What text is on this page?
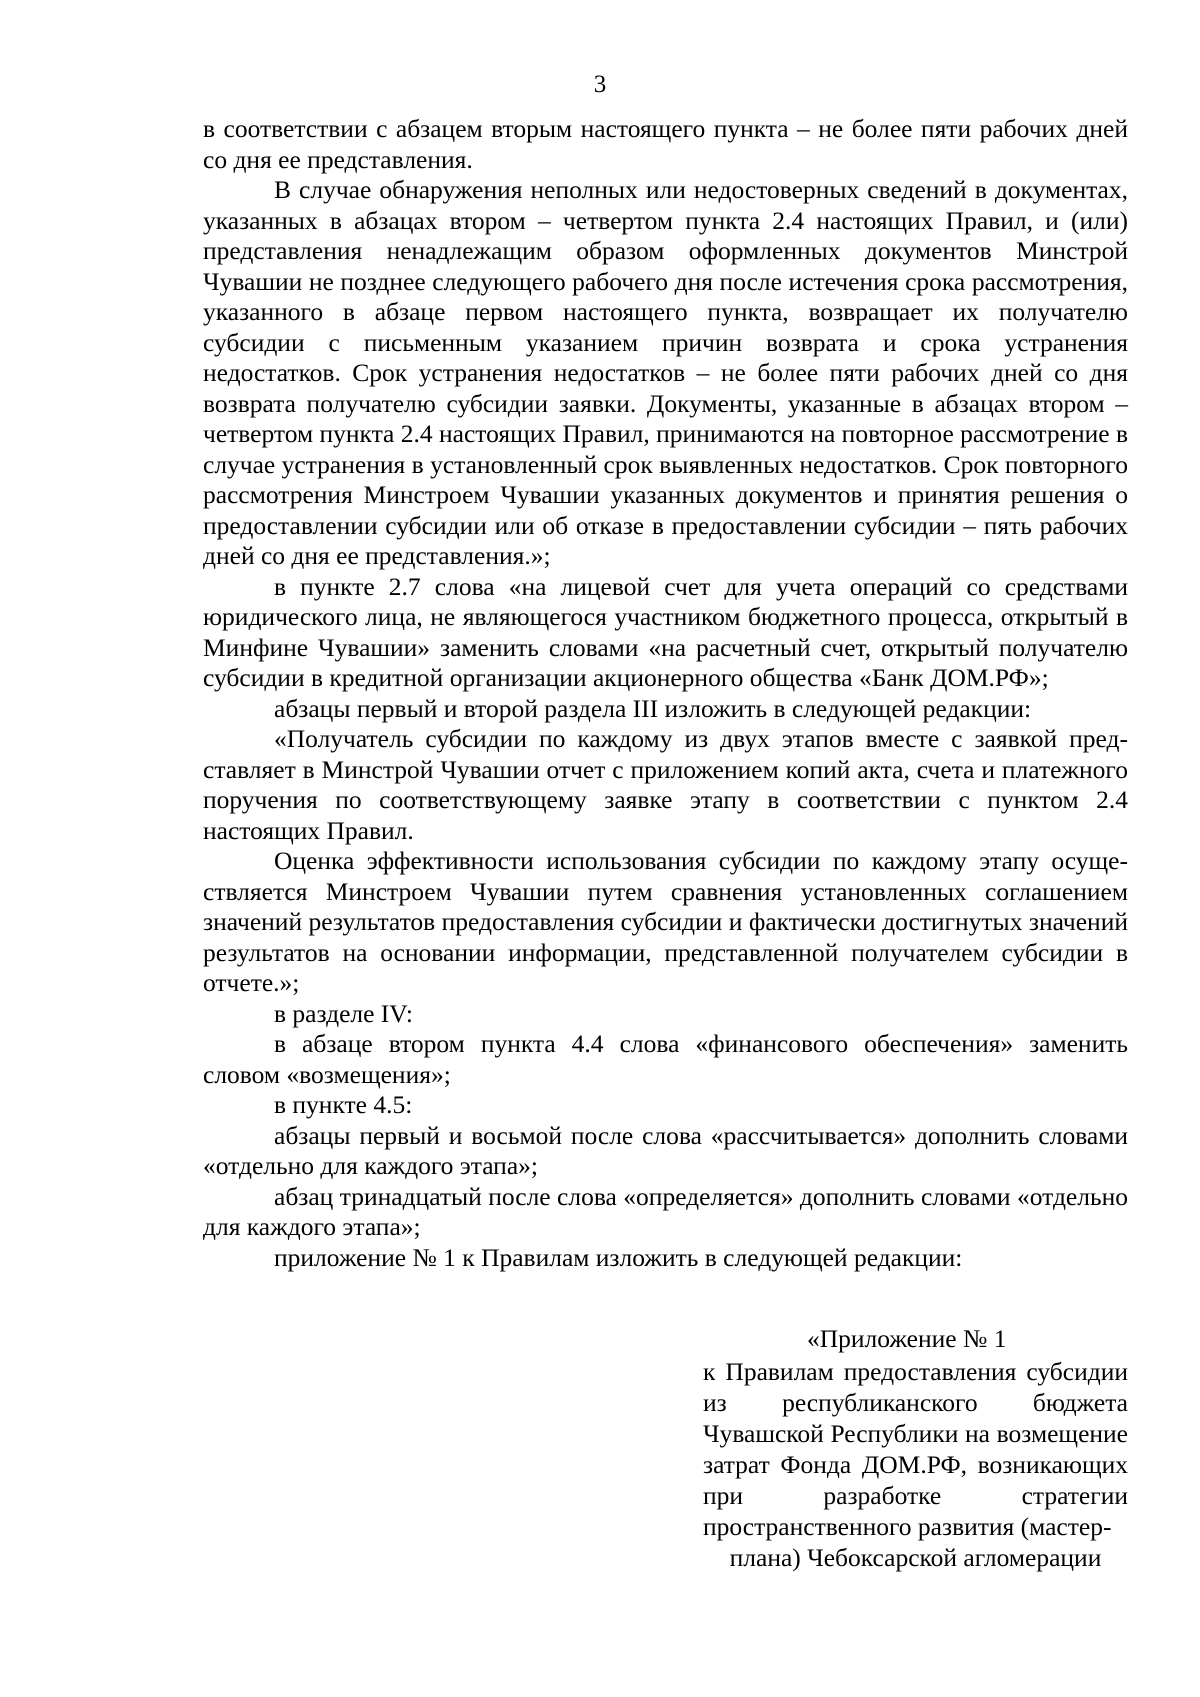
3

в соответствии с абзацем вторым настоящего пункта – не более пяти рабочих дней со дня ее представления.

В случае обнаружения неполных или недостоверных сведений в документах, указанных в абзацах втором – четвертом пункта 2.4 настоящих Правил, и (или) представления ненадлежащим образом оформленных документов Минстрой Чувашии не позднее следующего рабочего дня после истечения срока рассмотрения, указанного в абзаце первом настоящего пункта, возвращает их получателю субсидии с письменным указанием причин возврата и срока устранения недостатков. Срок устранения недостатков – не более пяти рабочих дней со дня возврата получателю субсидии заявки. Документы, указанные в абзацах втором – четвертом пункта 2.4 настоящих Правил, принимаются на повторное рассмотрение в случае устранения в установленный срок выявленных недостатков. Срок повторного рассмотрения Минстроем Чувашии указанных документов и принятия решения о предоставлении субсидии или об отказе в предоставлении субсидии – пять рабочих дней со дня ее представления.»;

в пункте 2.7 слова «на лицевой счет для учета операций со средствами юридического лица, не являющегося участником бюджетного процесса, открытый в Минфине Чувашии» заменить словами «на расчетный счет, открытый получателю субсидии в кредитной организации акционерного общества «Банк ДОМ.РФ»;

абзацы первый и второй раздела III изложить в следующей редакции:

«Получатель субсидии по каждому из двух этапов вместе с заявкой представляет в Минстрой Чувашии отчет с приложением копий акта, счета и платежного поручения по соответствующему заявке этапу в соответствии с пунктом 2.4 настоящих Правил.

Оценка эффективности использования субсидии по каждому этапу осуществляется Минстроем Чувашии путем сравнения установленных соглашением значений результатов предоставления субсидии и фактически достигнутых значений результатов на основании информации, представленной получателем субсидии в отчете.»;

в разделе IV:

в абзаце втором пункта 4.4 слова «финансового обеспечения» заменить словом «возмещения»;

в пункте 4.5:

абзацы первый и восьмой после слова «рассчитывается» дополнить словами «отдельно для каждого этапа»;

абзац тринадцатый после слова «определяется» дополнить словами «отдельно для каждого этапа»;

приложение № 1 к Правилам изложить в следующей редакции:

«Приложение № 1

к Правилам предоставления субсидии из республиканского бюджета Чувашской Республики на возмещение затрат Фонда ДОМ.РФ, возникающих при разработке стратегии пространственного развития (мастер-
плана) Чебоксарской агломерации
